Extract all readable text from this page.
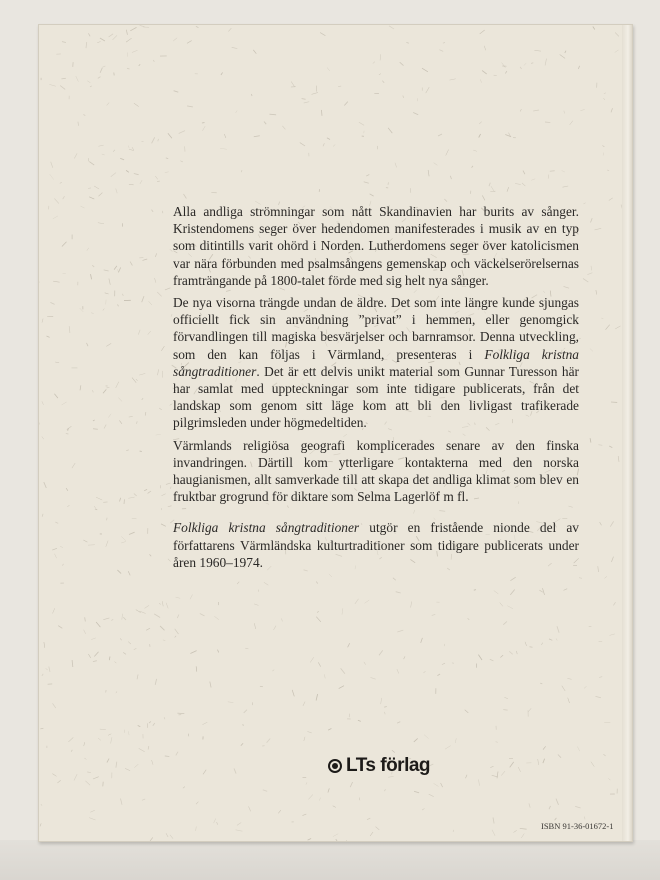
Alla andliga strömningar som nått Skandinavien har burits av sånger. Kristendomens seger över hedendomen manifesterades i musik av en typ som ditintills varit ohörd i Norden. Lutherdomens seger över katolicismen var nära förbunden med psalmsångens gemenskap och väckelserörelsernas framträngande på 1800-talet förde med sig helt nya sånger.

De nya visorna trängde undan de äldre. Det som inte längre kunde sjungas officiellt fick sin användning ”privat” i hemmen, eller genomgick förvandlingen till magiska besvärjelser och barnramsor. Denna utveckling, som den kan följas i Värmland, presenteras i Folkliga kristna sångtraditioner. Det är ett delvis unikt material som Gunnar Turesson här har samlat med uppteckningar som inte tidigare publicerats, från det landskap som genom sitt läge kom att bli den livligast trafikerade pilgrimsleden under högmedeltiden.

Värmlands religiösa geografi komplicerades senare av den finska invandringen. Därtill kom ytterligare kontakterna med den norska haugianismen, allt samverkade till att skapa det andliga klimat som blev en fruktbar grogrund för diktare som Selma Lagerlöf m fl.

Folkliga kristna sångtraditioner utgör en fristående nionde del av författarens Värmländska kulturtraditioner som tidigare publicerats under åren 1960–1974.

LTs förlag
ISBN 91-36-01672-1
